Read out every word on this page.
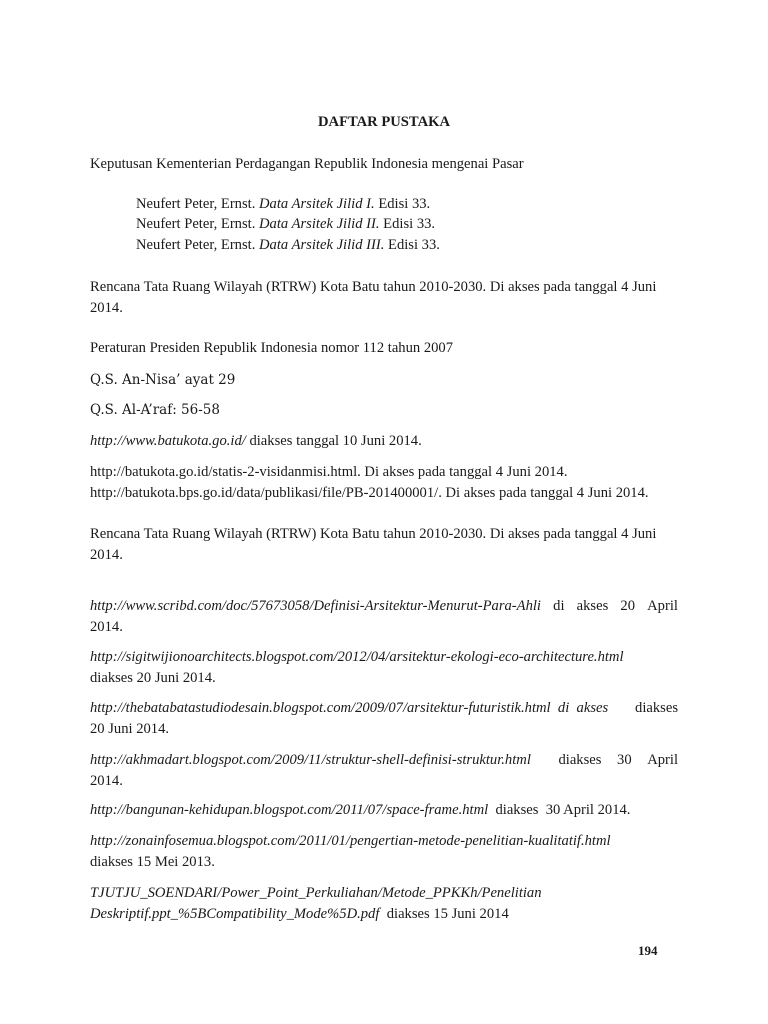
DAFTAR PUSTAKA

Keputusan Kementerian Perdagangan Republik Indonesia mengenai Pasar

Neufert Peter, Ernst. Data Arsitek Jilid I. Edisi 33.

Neufert Peter, Ernst. Data Arsitek Jilid II. Edisi 33.

Neufert Peter, Ernst. Data Arsitek Jilid III. Edisi 33.

Rencana Tata Ruang Wilayah (RTRW) Kota Batu tahun 2010-2030. Di akses pada tanggal 4 Juni
2014.

Peraturan Presiden Republik Indonesia nomor 112 tahun 2007

Q.S. An-Nisa’ ayat 29

Q.S. Al-A’raf: 56-58

http://www.batukota.go.id/ diakses tanggal 10 Juni 2014.

http://batukota.go.id/statis-2-visidanmisi.html. Di akses pada tanggal 4 Juni 2014.
http://batukota.bps.go.id/data/publikasi/file/PB-201400001/. Di akses pada tanggal 4 Juni 2014.

Rencana Tata Ruang Wilayah (RTRW) Kota Batu tahun 2010-2030. Di akses pada tanggal 4 Juni
2014.

http://www.scribd.com/doc/57673058/Definisi-Arsitektur-Menurut-Para-Ahli di akses 20 April
2014.

http://sigitwijionoarchitects.blogspot.com/2012/04/arsitektur-ekologi-eco-architecture.html
diakses 20 Juni 2014.

http://thebatabatastudiodesain.blogspot.com/2009/07/arsitektur-futuristik.html  di  akses diakses
20 Juni 2014.

http://akhmadart.blogspot.com/2009/11/struktur-shell-definisi-struktur.html diakses 30 April
2014.

http://bangunan-kehidupan.blogspot.com/2011/07/space-frame.html  diakses  30 April 2014.

http://zonainfosemua.blogspot.com/2011/01/pengertian-metode-penelitian-kualitatif.html
diakses 15 Mei 2013.

TJUTJU_SOENDARI/Power_Point_Perkuliahan/Metode_PPKKh/Penelitian
Deskriptif.ppt_%5BCompatibility_Mode%5D.pdf  diakses 15 Juni 2014

194
